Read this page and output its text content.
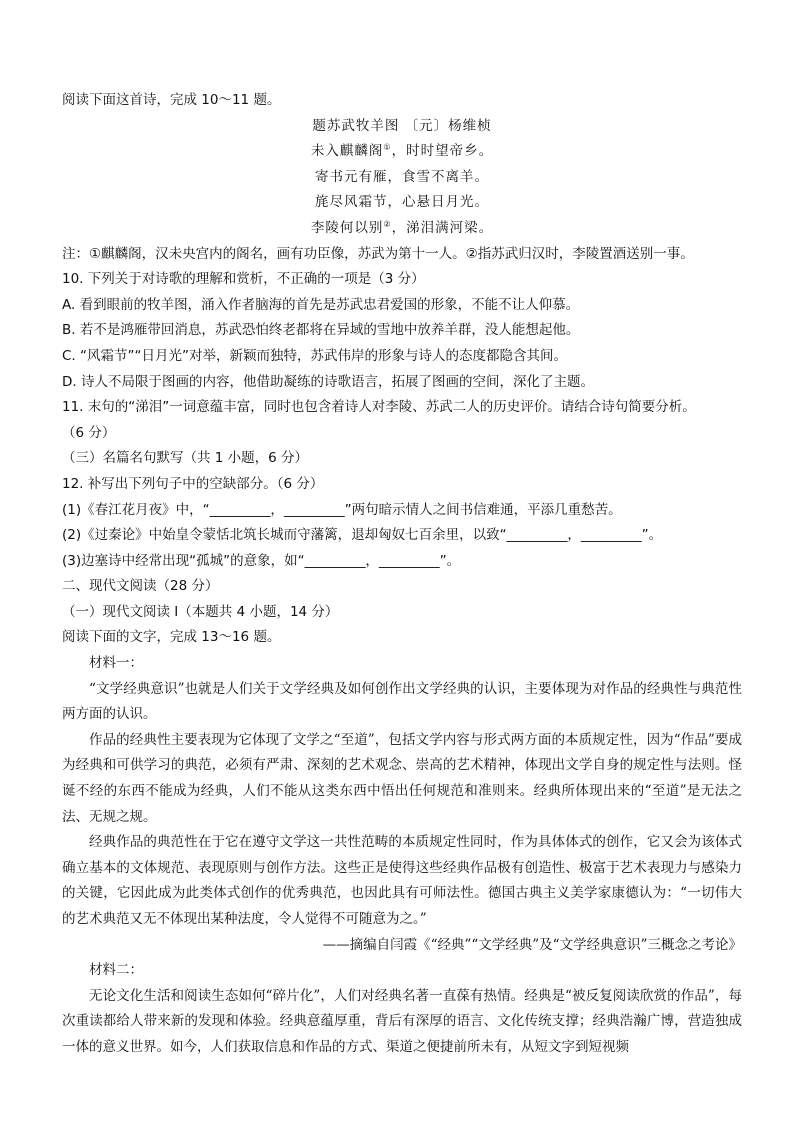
阅读下面这首诗，完成 10～11 题。
题苏武牧羊图 〔元〕杨维桢
未入麒麟阁①，时时望帝乡。
寄书元有雁，食雪不离羊。
旄尽风霜节，心悬日月光。
李陵何以别②，涕泪满河梁。
注：①麒麟阁，汉未央宫内的阁名，画有功臣像，苏武为第十一人。②指苏武归汉时，李陵置酒送别一事。
10. 下列关于对诗歌的理解和赏析，不正确的一项是（3 分）
A. 看到眼前的牧羊图，涌入作者脑海的首先是苏武忠君爱国的形象，不能不让人仰慕。
B. 若不是鸿雁带回消息，苏武恐怕终老都将在异域的雪地中放养羊群，没人能想起他。
C. “风霜节”“日月光”对举，新颖而独特，苏武伟岸的形象与诗人的态度都隐含其间。
D. 诗人不局限于图画的内容，他借助凝练的诗歌语言，拓展了图画的空间，深化了主题。
11. 末句的“涕泪”一词意蕴丰富，同时也包含着诗人对李陵、苏武二人的历史评价。请结合诗句简要分析。
（6 分）
（三）名篇名句默写（共 1 小题，6 分）
12. 补写出下列句子中的空缺部分。（6 分）
(1)《春江花月夜》中，“_________，_________”两句暗示情人之间书信难通，平添几重愁苦。
(2)《过秦论》中始皇令蒙恬北筑长城而守藩篱，退却匈奴七百余里，以致“_________，_________”。
(3)边塞诗中经常出现“孤城”的意象，如“_________，_________”。
二、现代文阅读（28 分）
（一）现代文阅读 I（本题共 4 小题，14 分）
阅读下面的文字，完成 13～16 题。
材料一：
“文学经典意识”也就是人们关于文学经典及如何创作出文学经典的认识，主要体现为对作品的经典性与典范性两方面的认识。
作品的经典性主要表现为它体现了文学之“至道”，包括文学内容与形式两方面的本质规定性，因为“作品”要成为经典和可供学习的典范，必须有严肃、深刻的艺术观念、崇高的艺术精神，体现出文学自身的规定性与法则。怪诞不经的东西不能成为经典，人们不能从这类东西中悟出任何规范和准则来。经典所体现出来的“至道”是无法之法、无规之规。
经典作品的典范性在于它在遵守文学这一共性范畴的本质规定性同时，作为具体体式的创作，它又会为该体式确立基本的文体规范、表现原则与创作方法。这些正是使得这些经典作品极有创造性、极富于艺术表现力与感染力的关键，它因此成为此类体式创作的优秀典范，也因此具有可师法性。德国古典主义美学家康德认为：“一切伟大的艺术典范又无不体现出某种法度，令人觉得不可随意为之。”
——摘编自闫霞《“经典”“文学经典”及“文学经典意识”三概念之考论》
材料二：
无论文化生活和阅读生态如何“碎片化”，人们对经典名著一直葆有热情。经典是“被反复阅读欣赏的作品”，每次重读都给人带来新的发现和体验。经典意蕴厚重，背后有深厚的语言、文化传统支撑；经典浩瀚广博，营造独成一体的意义世界。如今，人们获取信息和作品的方式、渠道之便捷前所未有，从短文字到短视频
